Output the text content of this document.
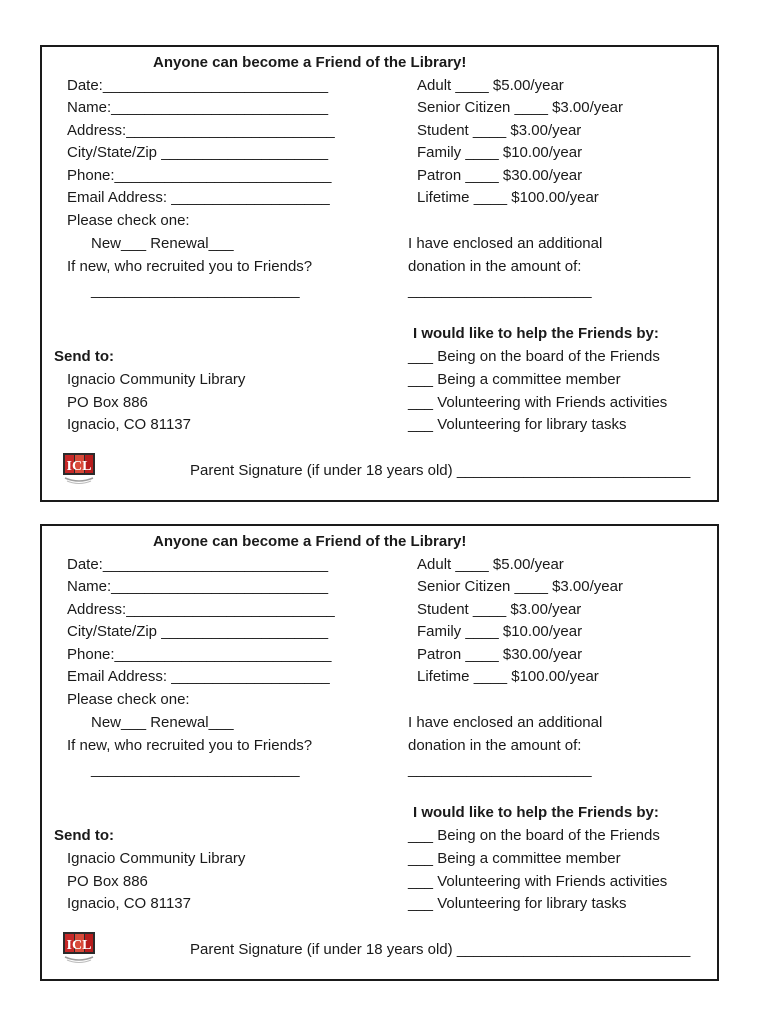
Anyone can become a Friend of the Library!
Date:___________________________
Name:__________________________
Address:_________________________
City/State/Zip ____________________
Phone:__________________________
Email Address: ___________________
Please check one:
New___ Renewal___
If new, who recruited you to Friends?
_________________________
Adult ____ $5.00/year
Senior Citizen ____ $3.00/year
Student ____ $3.00/year
Family ____ $10.00/year
Patron ____ $30.00/year
Lifetime ____ $100.00/year
I have enclosed an additional
donation in the amount of:
______________________
I would like to help the Friends by:
___ Being on the board of the Friends
___ Being a committee member
___ Volunteering with Friends activities
___ Volunteering for library tasks
Send to:
Ignacio Community Library
PO Box 886
Ignacio, CO 81137
ICL	Parent Signature (if under 18 years old) ____________________________
Anyone can become a Friend of the Library!
Date:___________________________
Name:__________________________
Address:_________________________
City/State/Zip ____________________
Phone:__________________________
Email Address: ___________________
Please check one:
New___ Renewal___
If new, who recruited you to Friends?
_________________________
Adult ____ $5.00/year
Senior Citizen ____ $3.00/year
Student ____ $3.00/year
Family ____ $10.00/year
Patron ____ $30.00/year
Lifetime ____ $100.00/year
I have enclosed an additional
donation in the amount of:
______________________
I would like to help the Friends by:
___ Being on the board of the Friends
___ Being a committee member
___ Volunteering with Friends activities
___ Volunteering for library tasks
Send to:
Ignacio Community Library
PO Box 886
Ignacio, CO 81137
ICL	Parent Signature (if under 18 years old) ____________________________
